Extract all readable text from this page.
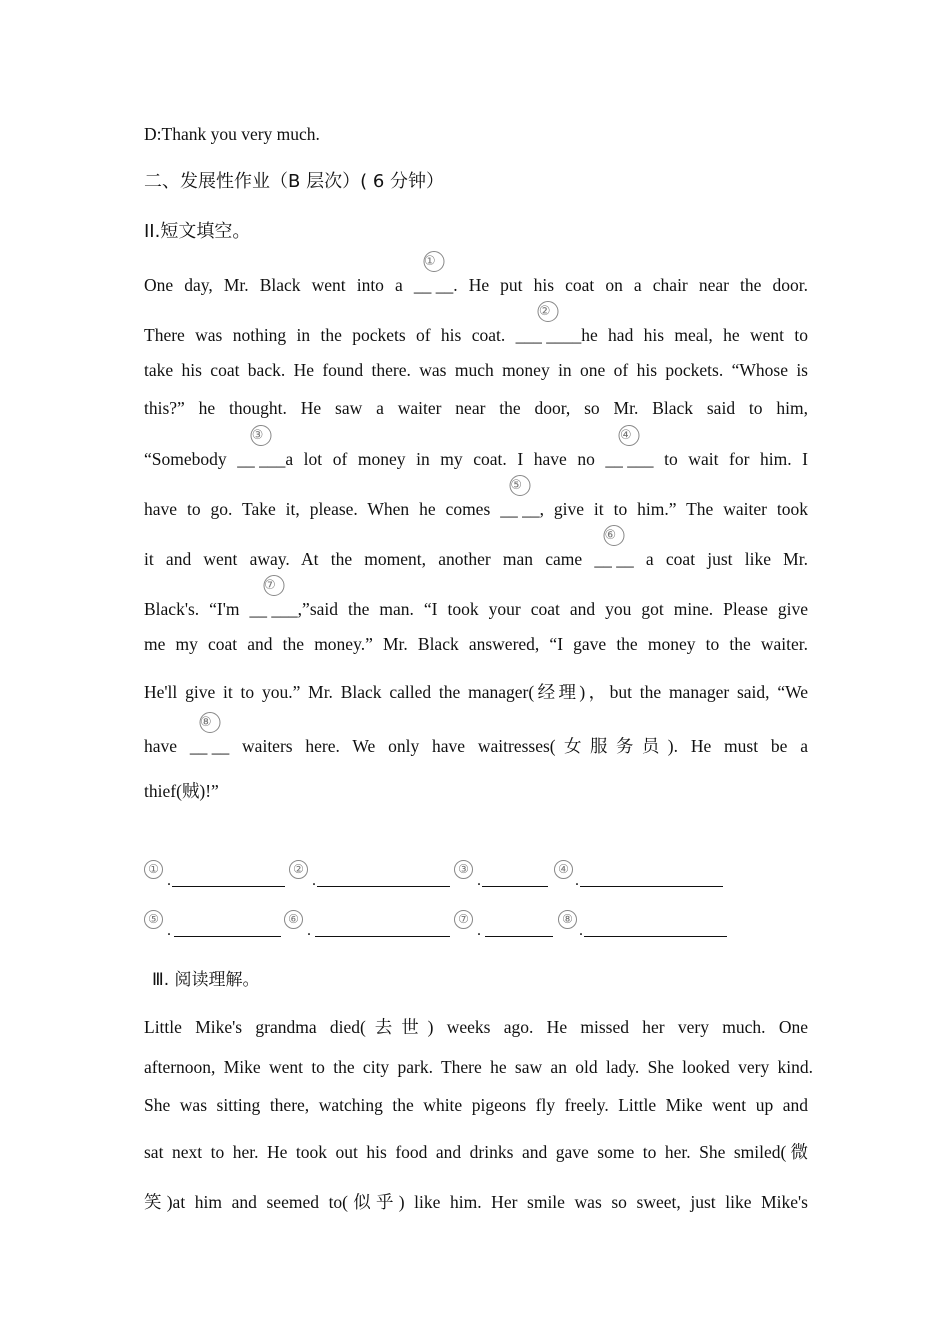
D:Thank you very much.
二、发展性作业（B 层次）( 6 分钟）
II.短文填空。
One day, Mr. Black went into a __ __
①
. He put his coat on a chair near the door.
There was nothing in the pockets of his coat. ___ ____
②
he had his meal, he went to
take his coat back. He found there. was much money in one of his pockets. “Whose is
this?” he thought. He saw a waiter near the door, so Mr. Black said to him,
“Somebody __ ___
③
a lot of money in my coat. I have no __ ___
④
to wait for him. I
have to go. Take it, please. When he comes __ __
⑤
, give it to him.” The waiter took
it and went away. At the moment, another man came __ __
⑥
a coat just like Mr.
Black's. “I'm __ ___
⑦
,”said the man. “I took your coat and you got mine. Please give
me my coat and the money.” Mr. Black answered, “I gave the money to the waiter.
He'll give it to you.” Mr. Black called the manager(经理)，but the manager said, “We
have __ __
⑧
waiters here. We only have waitresses(女服务员). He must be a
thief(贼)!”
①
.
②
.
③
.
④
.
⑤
.
⑥
.
⑦
.
⑧
.
Ⅲ. 阅读理解。
Little Mike's grandma died(去世) weeks ago. He missed her very much. One
afternoon, Mike went to the city park. There he saw an old lady. She looked very kind.
She was sitting there, watching the white pigeons fly freely. Little Mike went up and
sat next to her. He took out his food and drinks and gave some to her. She smiled(微
笑)at him and seemed to(似乎) like him. Her smile was so sweet, just like Mike's
